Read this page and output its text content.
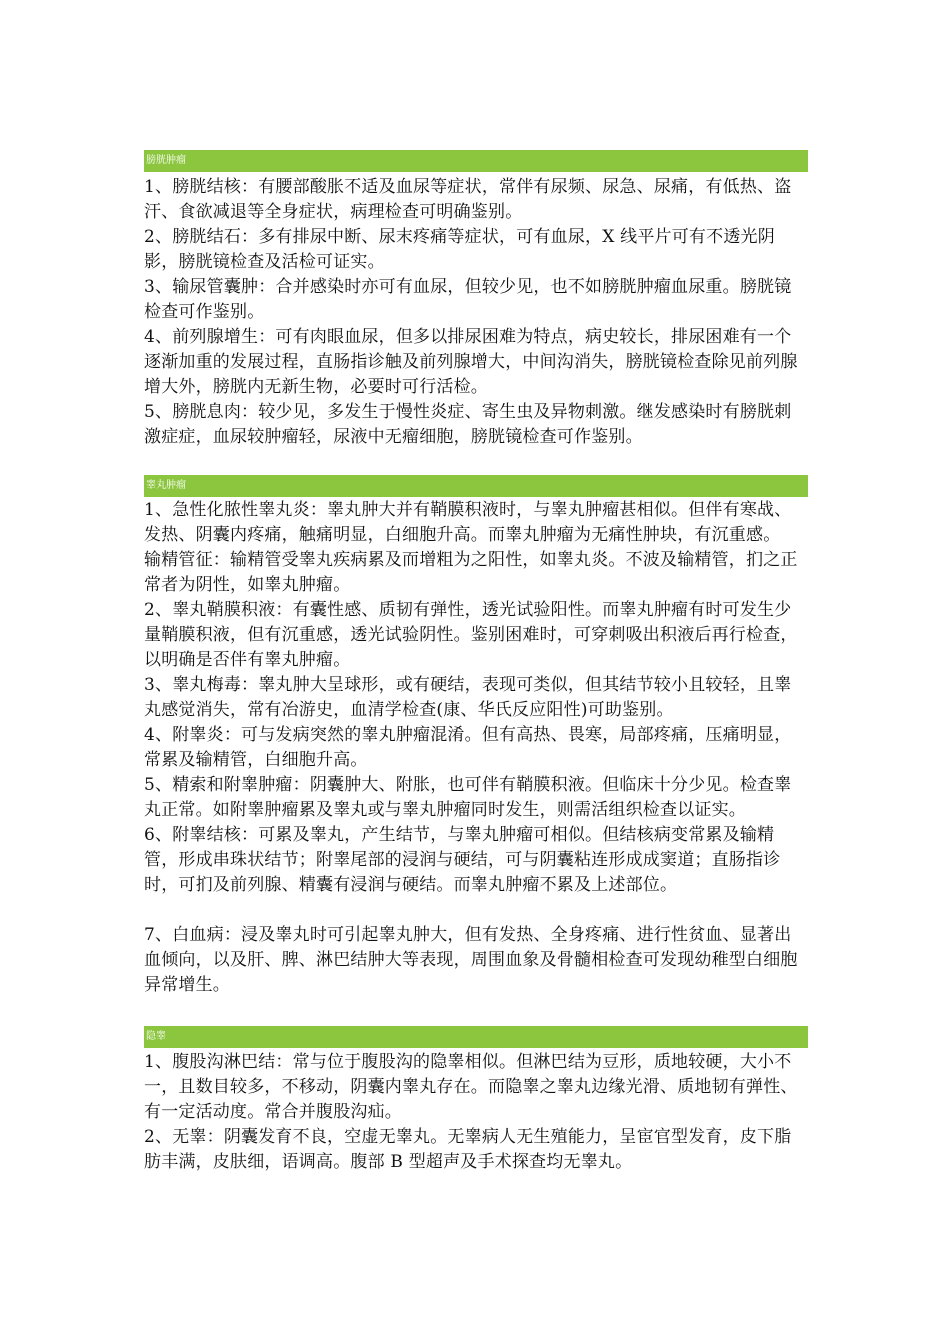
膀胱肿瘤

1、膀胱结核：有腰部酸胀不适及血尿等症状，常伴有尿频、尿急、尿痛，有低热、盗汗、食欲减退等全身症状，病理检查可明确鉴别。

2、膀胱结石：多有排尿中断、尿末疼痛等症状，可有血尿，X 线平片可有不透光阴影，膀胱镜检查及活检可证实。

3、输尿管囊肿：合并感染时亦可有血尿，但较少见，也不如膀胱肿瘤血尿重。膀胱镜检查可作鉴别。

4、前列腺增生：可有肉眼血尿，但多以排尿困难为特点，病史较长，排尿困难有一个逐渐加重的发展过程，直肠指诊触及前列腺增大，中间沟消失，膀胱镜检查除见前列腺增大外，膀胱内无新生物，必要时可行活检。

5、膀胱息肉：较少见，多发生于慢性炎症、寄生虫及异物刺激。继发感染时有膀胱刺激症症，血尿较肿瘤轻，尿液中无瘤细胞，膀胱镜检查可作鉴别。

睾丸肿瘤

1、急性化脓性睾丸炎：睾丸肿大并有鞘膜积液时，与睾丸肿瘤甚相似。但伴有寒战、发热、阴囊内疼痛，触痛明显，白细胞升高。而睾丸肿瘤为无痛性肿块，有沉重感。

输精管征：输精管受睾丸疾病累及而增粗为之阳性，如睾丸炎。不波及输精管，扪之正常者为阴性，如睾丸肿瘤。

2、睾丸鞘膜积液：有囊性感、质韧有弹性，透光试验阳性。而睾丸肿瘤有时可发生少量鞘膜积液，但有沉重感，透光试验阴性。鉴别困难时，可穿刺吸出积液后再行检查，以明确是否伴有睾丸肿瘤。

3、睾丸梅毒：睾丸肿大呈球形，或有硬结，表现可类似，但其结节较小且较轻，且睾丸感觉消失，常有冶游史，血清学检查(康、华氏反应阳性)可助鉴别。

4、附睾炎：可与发病突然的睾丸肿瘤混淆。但有高热、畏寒，局部疼痛，压痛明显，常累及输精管，白细胞升高。

5、精索和附睾肿瘤：阴囊肿大、附胀，也可伴有鞘膜积液。但临床十分少见。检查睾丸正常。如附睾肿瘤累及睾丸或与睾丸肿瘤同时发生，则需活组织检查以证实。

6、附睾结核：可累及睾丸，产生结节，与睾丸肿瘤可相似。但结核病变常累及输精管，形成串珠状结节；附睾尾部的浸润与硬结，可与阴囊粘连形成成窦道；直肠指诊时，可扪及前列腺、精囊有浸润与硬结。而睾丸肿瘤不累及上述部位。

7、白血病：浸及睾丸时可引起睾丸肿大，但有发热、全身疼痛、进行性贫血、显著出血倾向，以及肝、脾、淋巴结肿大等表现，周围血象及骨髓相检查可发现幼稚型白细胞异常增生。

隐睾

1、腹股沟淋巴结：常与位于腹股沟的隐睾相似。但淋巴结为豆形，质地较硬，大小不一，且数目较多，不移动，阴囊内睾丸存在。而隐睾之睾丸边缘光滑、质地韧有弹性、有一定活动度。常合并腹股沟疝。

2、无睾：阴囊发育不良，空虚无睾丸。无睾病人无生殖能力，呈宦官型发育，皮下脂肪丰满，皮肤细，语调高。腹部 B 型超声及手术探查均无睾丸。
